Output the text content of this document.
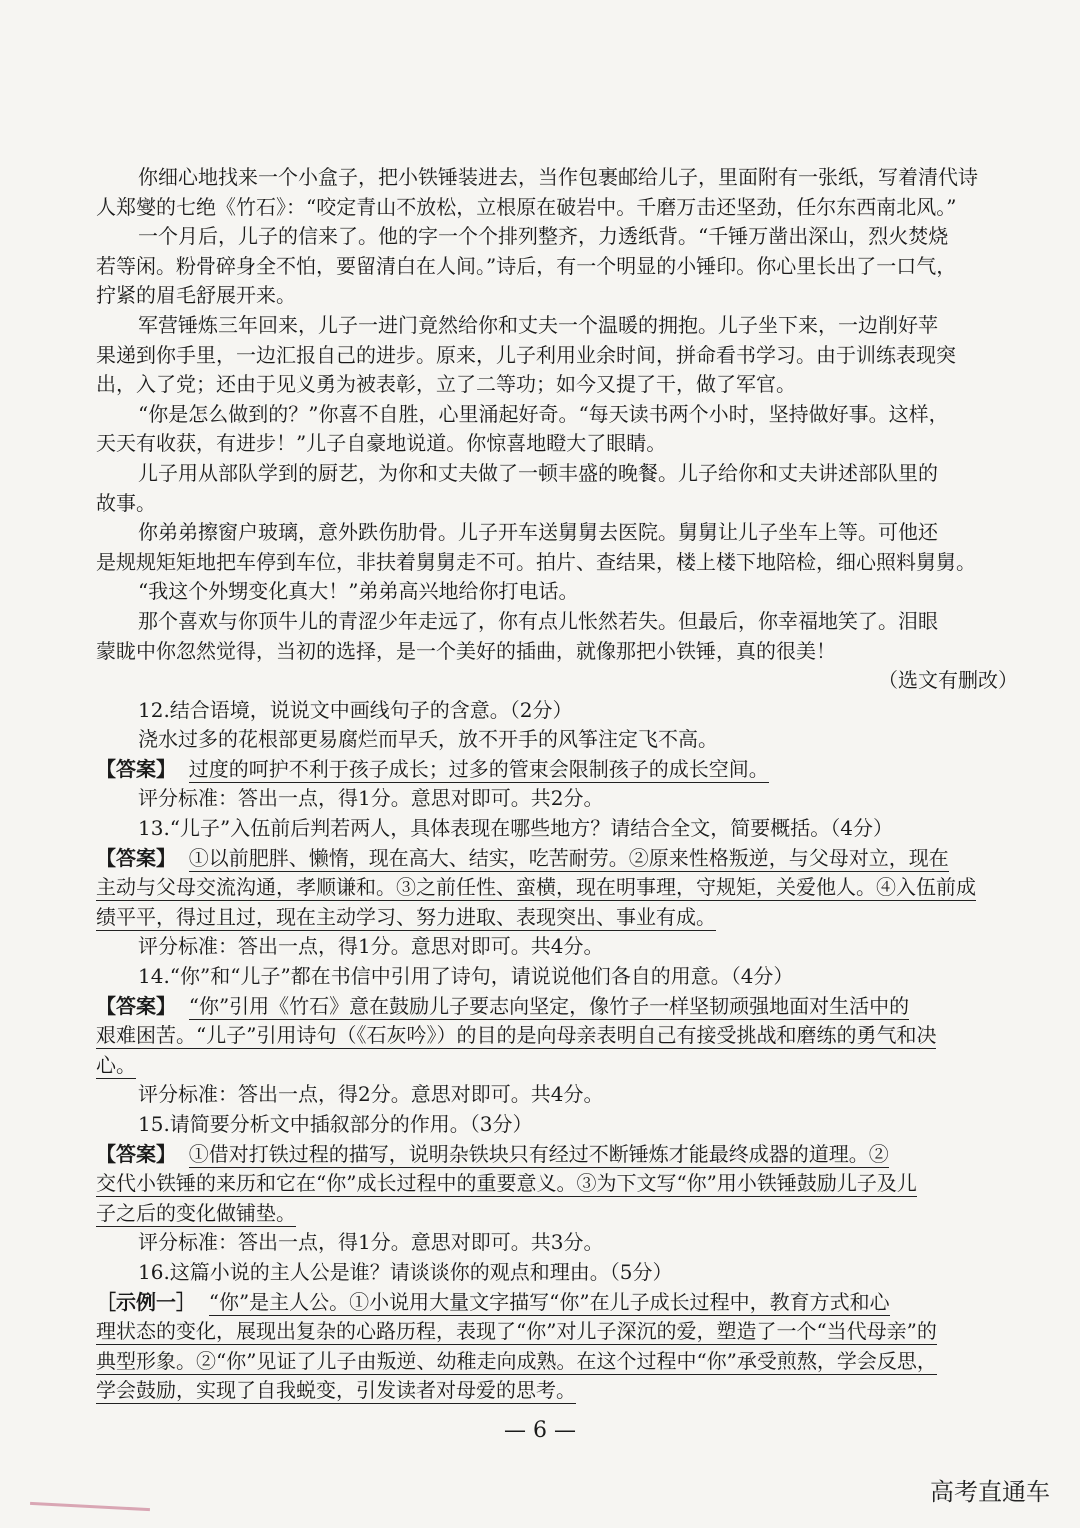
你细心地找来一个小盒子，把小铁锤装进去，当作包裹邮给儿子，里面附有一张纸，写着清代诗
人郑燮的七绝《竹石》：“咬定青山不放松，立根原在破岩中。千磨万击还坚劲，任尔东西南北风。”
一个月后，儿子的信来了。他的字一个个排列整齐，力透纸背。“千锤万凿出深山，烈火焚烧
若等闲。粉骨碎身全不怕，要留清白在人间。”诗后，有一个明显的小锤印。你心里长出了一口气，
拧紧的眉毛舒展开来。
军营锤炼三年回来，儿子一进门竟然给你和丈夫一个温暖的拥抱。儿子坐下来，一边削好苹
果递到你手里，一边汇报自己的进步。原来，儿子利用业余时间，拼命看书学习。由于训练表现突
出，入了党；还由于见义勇为被表彰，立了二等功；如今又提了干，做了军官。
“你是怎么做到的？”你喜不自胜，心里涌起好奇。“每天读书两个小时，坚持做好事。这样，
天天有收获，有进步！”儿子自豪地说道。你惊喜地瞪大了眼睛。
儿子用从部队学到的厨艺，为你和丈夫做了一顿丰盛的晚餐。儿子给你和丈夫讲述部队里的
故事。
你弟弟擦窗户玻璃，意外跌伤肋骨。儿子开车送舅舅去医院。舅舅让儿子坐车上等。可他还
是规规矩矩地把车停到车位，非扶着舅舅走不可。拍片、查结果，楼上楼下地陪检，细心照料舅舅。
“我这个外甥变化真大！”弟弟高兴地给你打电话。
那个喜欢与你顶牛儿的青涩少年走远了，你有点儿怅然若失。但最后，你幸福地笑了。泪眼
蒙眬中你忽然觉得，当初的选择，是一个美好的插曲，就像那把小铁锤，真的很美！
（选文有删改）
12.结合语境，说说文中画线句子的含意。（2分）
浇水过多的花根部更易腐烂而早夭，放不开手的风筝注定飞不高。
【答案】 过度的呵护不利于孩子成长；过多的管束会限制孩子的成长空间。
评分标准：答出一点，得1分。意思对即可。共2分。
13.“儿子”入伍前后判若两人，具体表现在哪些地方？请结合全文，简要概括。（4分）
【答案】 ①以前肥胖、懒惰，现在高大、结实，吃苦耐劳。②原来性格叛逆，与父母对立，现在
主动与父母交流沟通，孝顺谦和。③之前任性、蛮横，现在明事理，守规矩，关爱他人。④入伍前成
绩平平，得过且过，现在主动学习、努力进取、表现突出、事业有成。
评分标准：答出一点，得1分。意思对即可。共4分。
14.“你”和“儿子”都在书信中引用了诗句，请说说他们各自的用意。（4分）
【答案】 “你”引用《竹石》意在鼓励儿子要志向坚定，像竹子一样坚韧顽强地面对生活中的
艰难困苦。“儿子”引用诗句（《石灰吟》）的目的是向母亲表明自己有接受挑战和磨练的勇气和决
心。
评分标准：答出一点，得2分。意思对即可。共4分。
15.请简要分析文中插叙部分的作用。（3分）
【答案】 ①借对打铁过程的描写，说明杂铁块只有经过不断锤炼才能最终成器的道理。②
交代小铁锤的来历和它在“你”成长过程中的重要意义。③为下文写“你”用小铁锤鼓励儿子及儿
子之后的变化做铺垫。
评分标准：答出一点，得1分。意思对即可。共3分。
16.这篇小说的主人公是谁？请谈谈你的观点和理由。（5分）
［示例一］ “你”是主人公。①小说用大量文字描写“你”在儿子成长过程中，教育方式和心
理状态的变化，展现出复杂的心路历程，表现了“你”对儿子深沉的爱，塑造了一个“当代母亲”的
典型形象。②“你”见证了儿子由叛逆、幼稚走向成熟。在这个过程中“你”承受煎熬，学会反思，
学会鼓励，实现了自我蜕变，引发读者对母爱的思考。
— 6 —
高考直通车
